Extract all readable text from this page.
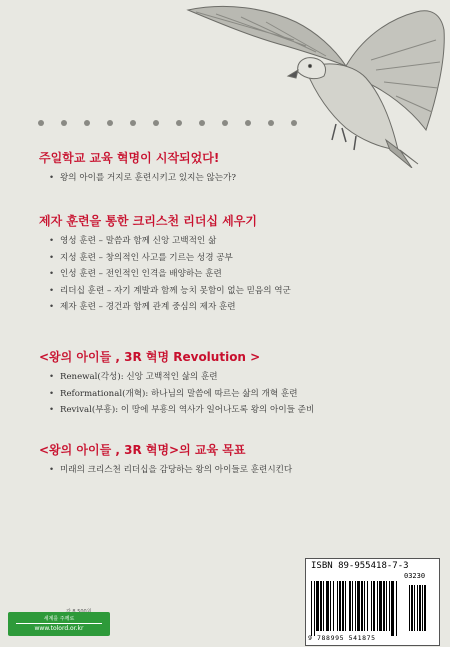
주일학교 교육 혁명이 시작되었다!
• 왕의 아이를 거지로 훈련시키고 있지는 않는가?
제자 훈련을 통한 크리스천 리더십 세우기
• 영성 훈련 – 말씀과 함께 신앙 고백적인 삶
• 지성 훈련 – 창의적인 사고를 기르는 성경 공부
• 인성 훈련 – 전인적인 인격을 배양하는 훈련
• 리더십 훈련 – 자기 계발과 함께 능치 못함이 없는 믿음의 역군
• 제자 훈련 – 경건과 함께 관계 중심의 제자 훈련
<왕의 아이들 , 3R 혁명 Revolution >
• Renewal(각성): 신앙 고백적인 삶의 훈련
• Reformational(개혁): 하나님의 말씀에 따르는 삶의 개혁 훈련
• Revival(부흥): 이 땅에 부흥의 역사가 일어나도록 왕의 아이들 준비
<왕의 아이들 , 3R 혁명>의 교육 목표
• 미래의 크리스천 리더십을 감당하는 왕의 아이들로 훈련시킨다
세계를 주께로
www.tolord.or.kr
ISBN 89-955418-7-3
03230
9 788995 541875
